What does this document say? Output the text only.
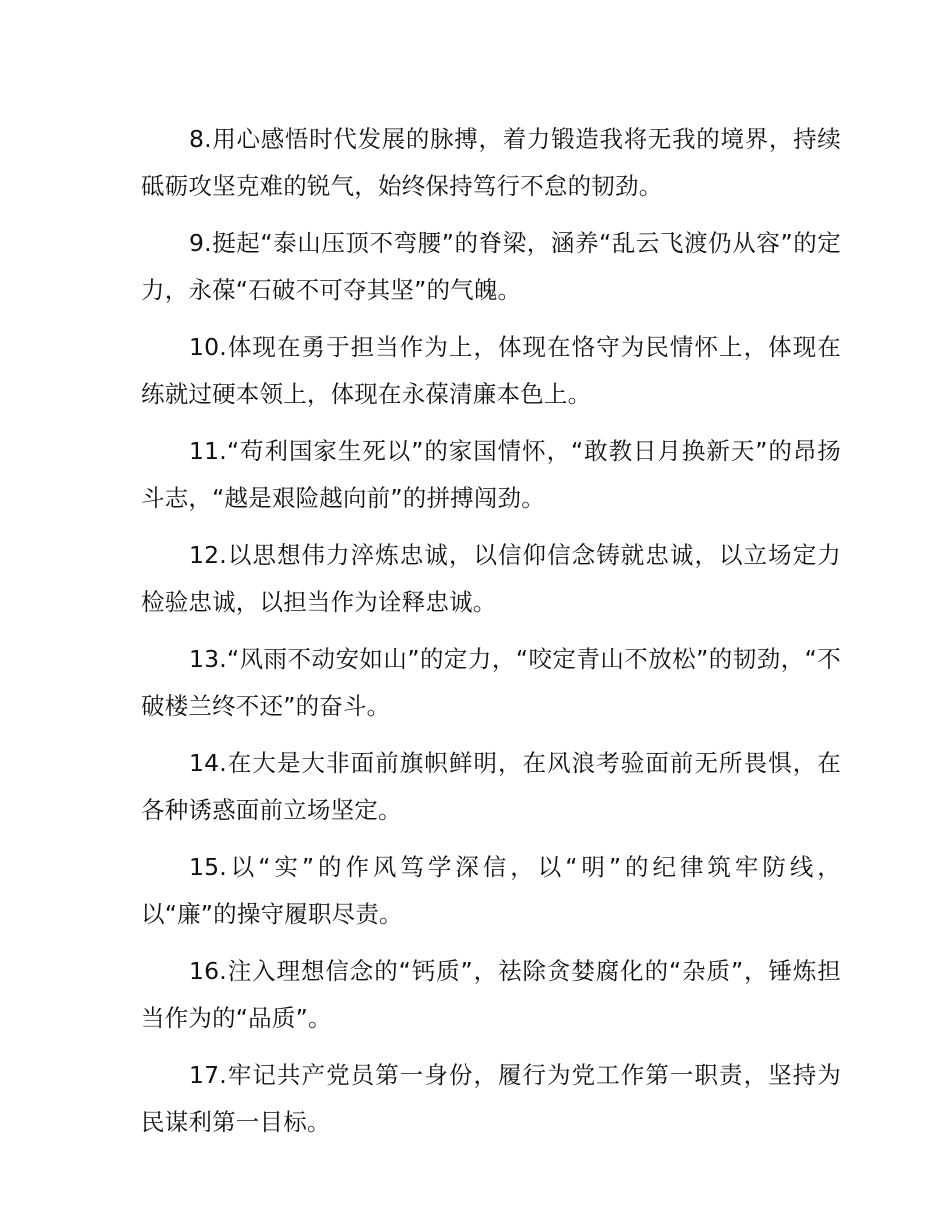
8.用心感悟时代发展的脉搏，着力锻造我将无我的境界，持续砥砺攻坚克难的锐气，始终保持笃行不怠的韧劲。

9.挺起“泰山压顶不弯腰”的脊梁，涵养“乱云飞渡仍从容”的定力，永葆“石破不可夺其坚”的气魄。

10.体现在勇于担当作为上，体现在恪守为民情怀上，体现在练就过硬本领上，体现在永葆清廉本色上。

11.“苟利国家生死以”的家国情怀，“敢教日月换新天”的昂扬斗志，“越是艰险越向前”的拼搏闯劲。

12.以思想伟力淬炼忠诚，以信仰信念铸就忠诚，以立场定力检验忠诚，以担当作为诠释忠诚。

13.“风雨不动安如山”的定力，“咬定青山不放松”的韧劲，“不破楼兰终不还”的奋斗。

14.在大是大非面前旗帜鲜明，在风浪考验面前无所畏惧，在各种诱惑面前立场坚定。

15.以“实”的作风笃学深信，以“明”的纪律筑牢防线，以“廉”的操守履职尽责。

16.注入理想信念的“钙质”，祛除贪婪腐化的“杂质”，锤炼担当作为的“品质”。

17.牢记共产党员第一身份，履行为党工作第一职责，坚持为民谋利第一目标。
